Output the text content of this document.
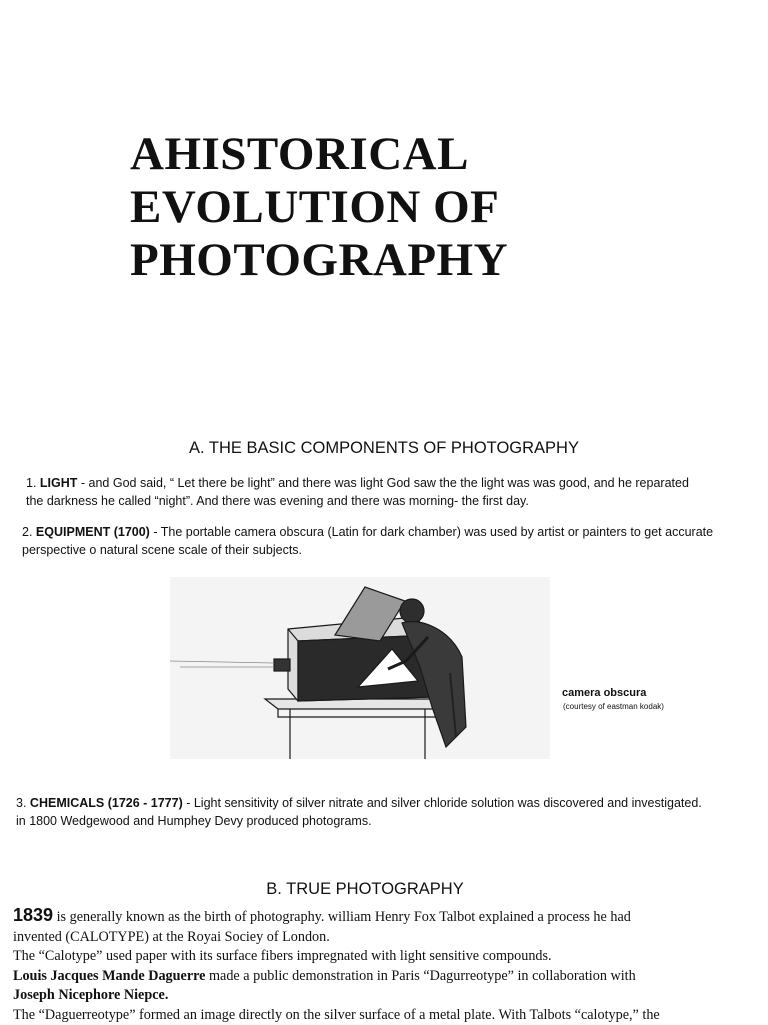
AHISTORICAL
EVOLUTION OF
PHOTOGRAPHY
A. THE BASIC COMPONENTS OF PHOTOGRAPHY
1. LIGHT - and God said, “ Let there be light” and there was light God saw the the light was was good, and he reparated
the darkness he called “night”. And there was evening and there was morning- the first day.
2. EQUIPMENT (1700) - The portable camera obscura (Latin for dark chamber) was used by artist or painters to get accurate
perspective o natural scene scale of their subjects.
camera obscura
(courtesy of eastman kodak)
3. CHEMICALS (1726 - 1777) - Light sensitivity of silver nitrate and silver chloride solution was discovered and investigated.
in 1800 Wedgewood and Humphey Devy produced photograms.
B. TRUE PHOTOGRAPHY
1839 is generally known as the birth of photography. william Henry Fox Talbot explained a process he had
invented (CALOTYPE) at the Royai Sociey of London.
The “Calotype” used paper with its surface fibers impregnated with light sensitive compounds.
Louis Jacques Mande Daguerre made a public demonstration in Paris “Dagurreotype” in collaboration with
Joseph Nicephore Niepce.
The “Daguerreotype” formed an image directly on the silver surface of a metal plate. With Talbots “calotype,” the
